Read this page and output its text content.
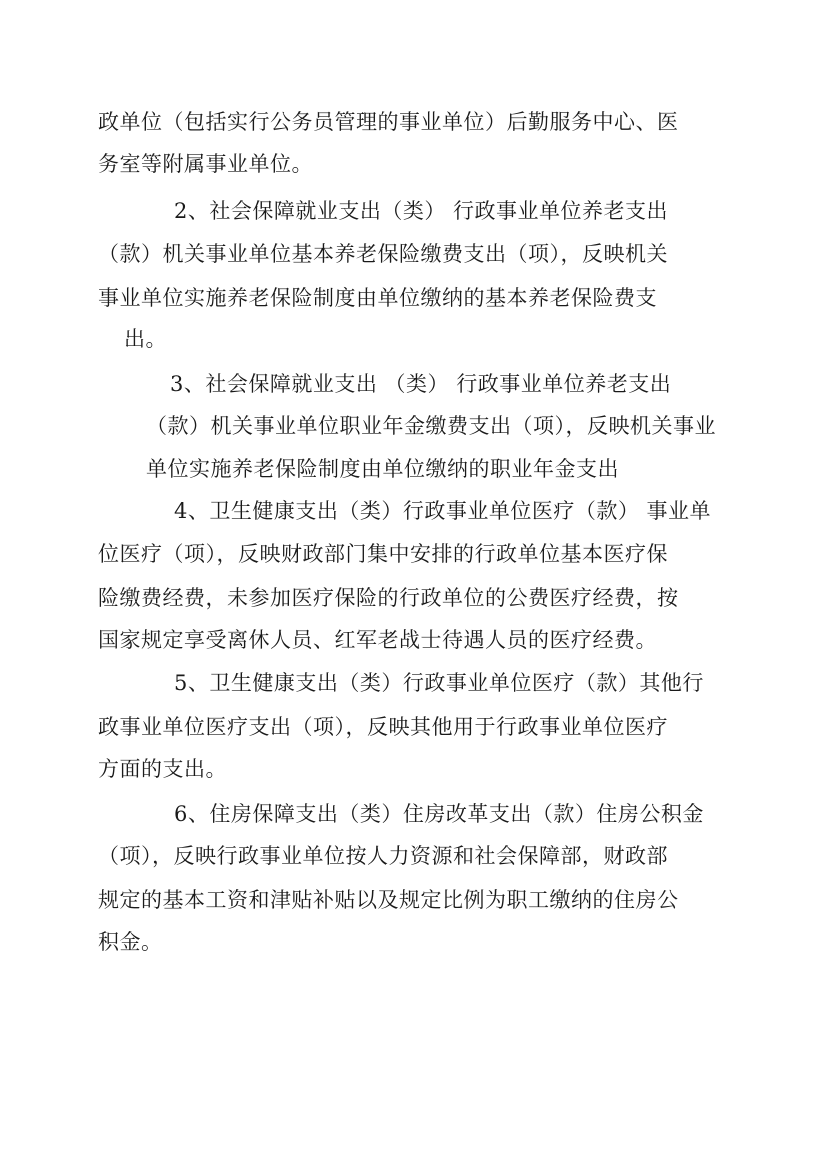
政单位（包括实行公务员管理的事业单位）后勤服务中心、医
务室等附属事业单位。
2、社会保障就业支出（类） 行政事业单位养老支出
（款）机关事业单位基本养老保险缴费支出（项），反映机关
事业单位实施养老保险制度由单位缴纳的基本养老保险费支
出。
3、社会保障就业支出 （类） 行政事业单位养老支出
（款）机关事业单位职业年金缴费支出（项），反映机关事业
单位实施养老保险制度由单位缴纳的职业年金支出
4、卫生健康支出（类）行政事业单位医疗（款） 事业单
位医疗（项），反映财政部门集中安排的行政单位基本医疗保
险缴费经费，未参加医疗保险的行政单位的公费医疗经费，按
国家规定享受离休人员、红军老战士待遇人员的医疗经费。
5、卫生健康支出（类）行政事业单位医疗（款）其他行
政事业单位医疗支出（项），反映其他用于行政事业单位医疗
方面的支出。
6、住房保障支出（类）住房改革支出（款）住房公积金
（项），反映行政事业单位按人力资源和社会保障部，财政部
规定的基本工资和津贴补贴以及规定比例为职工缴纳的住房公
积金。
